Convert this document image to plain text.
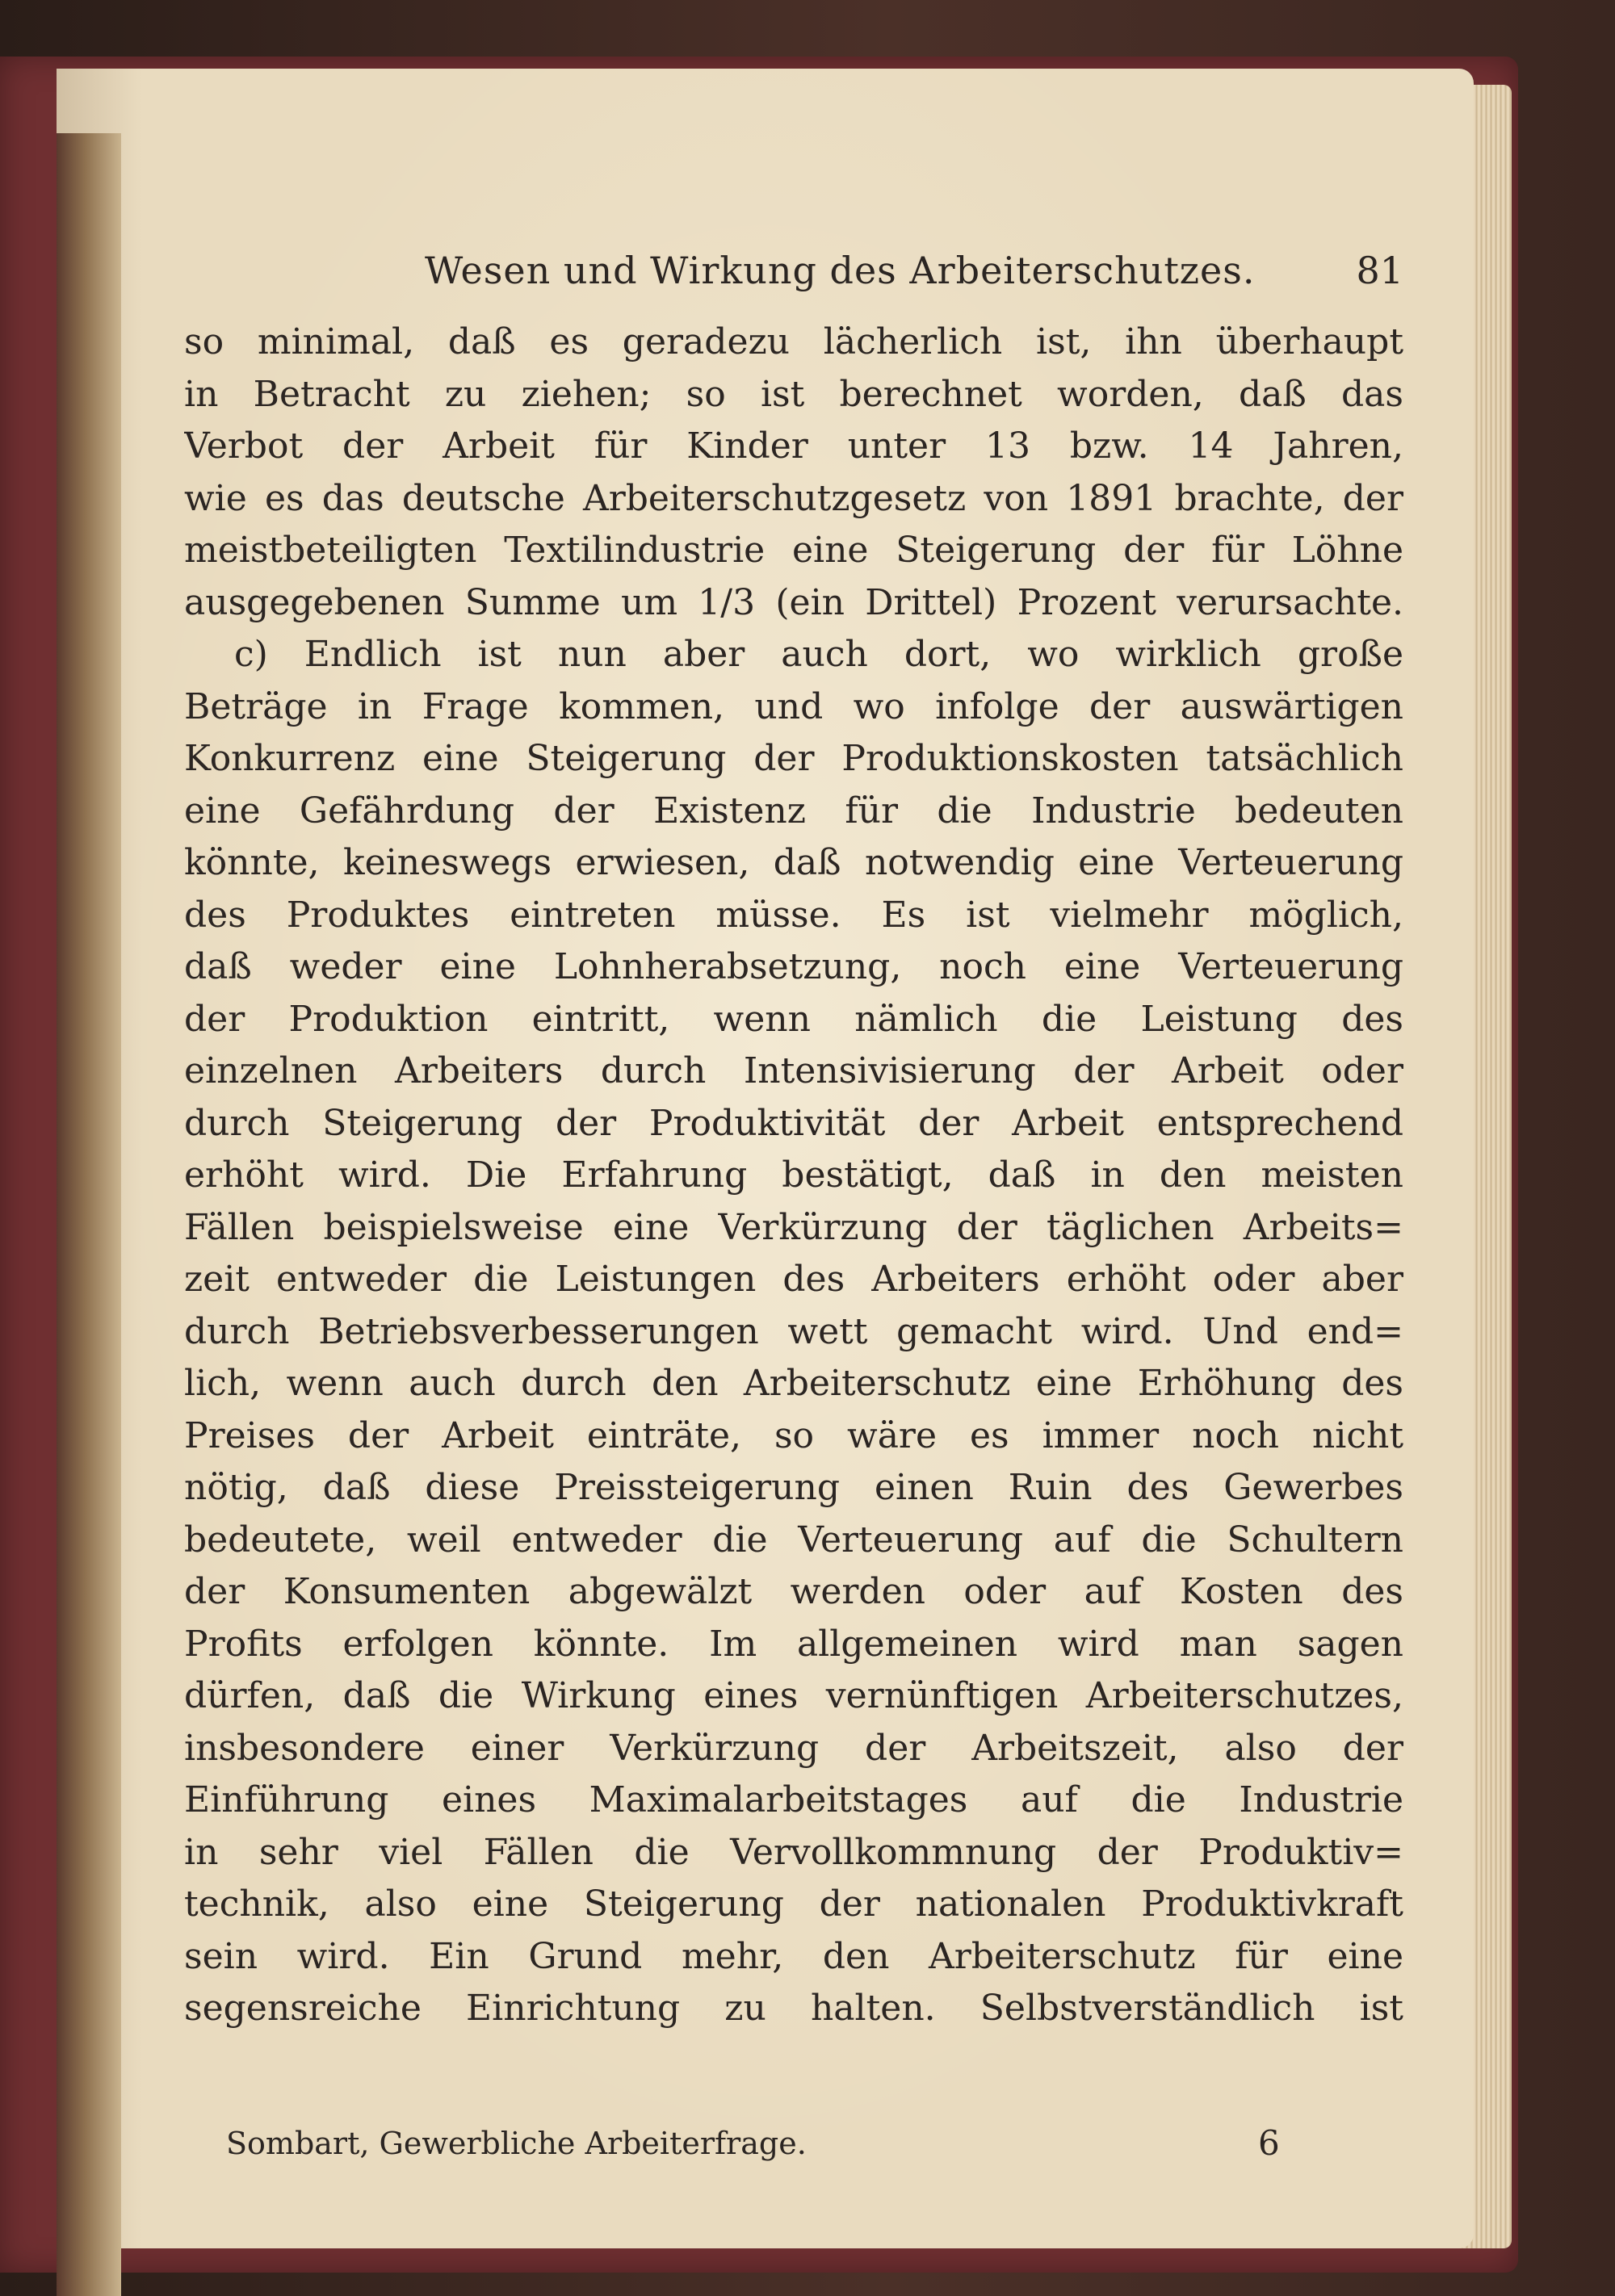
Wesen und Wirkung des Arbeiterschutzes.	81
so minimal, daß es geradezu lächerlich ist, ihn überhaupt
in Betracht zu ziehen; so ist berechnet worden, daß das
Verbot der Arbeit für Kinder unter 13 bzw. 14 Jahren,
wie es das deutsche Arbeiterschutzgesetz von 1891 brachte, der
meistbeteiligten Textilindustrie eine Steigerung der für Löhne
ausgegebenen Summe um 1/3 (ein Drittel) Prozent verursachte.
c) Endlich ist nun aber auch dort, wo wirklich große
Beträge in Frage kommen, und wo infolge der auswärtigen
Konkurrenz eine Steigerung der Produktionskosten tatsächlich
eine Gefährdung der Existenz für die Industrie bedeuten
könnte, keineswegs erwiesen, daß notwendig eine Verteuerung
des Produktes eintreten müsse. Es ist vielmehr möglich,
daß weder eine Lohnherabsetzung, noch eine Verteuerung
der Produktion eintritt, wenn nämlich die Leistung des
einzelnen Arbeiters durch Intensivisierung der Arbeit oder
durch Steigerung der Produktivität der Arbeit entsprechend
erhöht wird. Die Erfahrung bestätigt, daß in den meisten
Fällen beispielsweise eine Verkürzung der täglichen Arbeits=
zeit entweder die Leistungen des Arbeiters erhöht oder aber
durch Betriebsverbesserungen wett gemacht wird. Und end=
lich, wenn auch durch den Arbeiterschutz eine Erhöhung des
Preises der Arbeit einträte, so wäre es immer noch nicht
nötig, daß diese Preissteigerung einen Ruin des Gewerbes
bedeutete, weil entweder die Verteuerung auf die Schultern
der Konsumenten abgewälzt werden oder auf Kosten des
Profits erfolgen könnte. Im allgemeinen wird man sagen
dürfen, daß die Wirkung eines vernünftigen Arbeiterschutzes,
insbesondere einer Verkürzung der Arbeitszeit, also der
Einführung eines Maximalarbeitstages auf die Industrie
in sehr viel Fällen die Vervollkommnung der Produktiv=
technik, also eine Steigerung der nationalen Produktivkraft
sein wird. Ein Grund mehr, den Arbeiterschutz für eine
segensreiche Einrichtung zu halten. Selbstverständlich ist
Sombart, Gewerbliche Arbeiterfrage.	6
